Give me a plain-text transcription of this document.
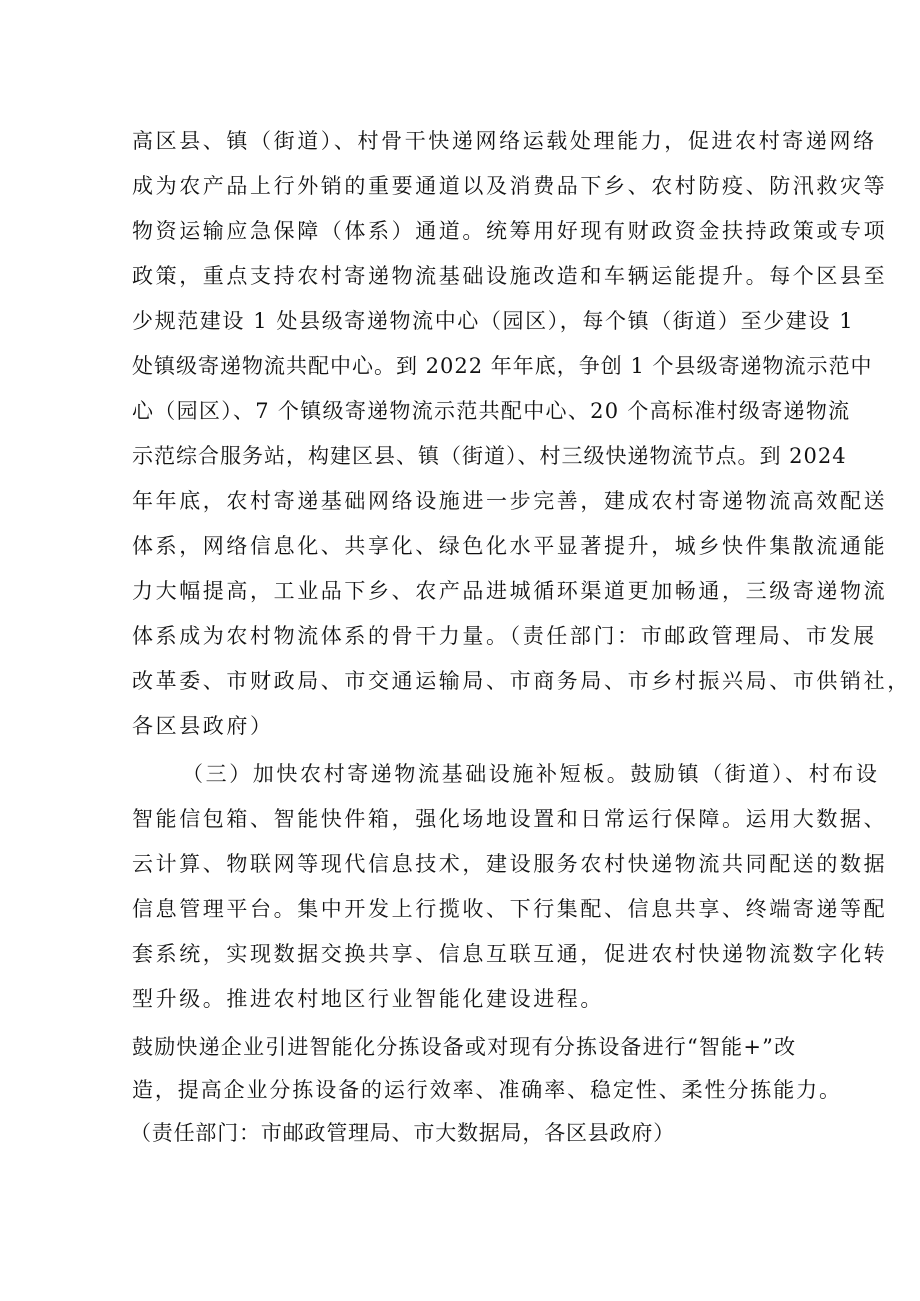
高区县、镇（街道）、村骨干快递网络运载处理能力，促进农村寄递网络

成为农产品上行外销的重要通道以及消费品下乡、农村防疫、防汛救灾等

物资运输应急保障（体系）通道。统筹用好现有财政资金扶持政策或专项

政策，重点支持农村寄递物流基础设施改造和车辆运能提升。每个区县至

少规范建设 1 处县级寄递物流中心（园区），每个镇（街道）至少建设 1

处镇级寄递物流共配中心。到 2022 年年底，争创 1 个县级寄递物流示范中

心（园区）、7 个镇级寄递物流示范共配中心、20 个高标准村级寄递物流

示范综合服务站，构建区县、镇（街道）、村三级快递物流节点。到 2024

年年底，农村寄递基础网络设施进一步完善，建成农村寄递物流高效配送

体系，网络信息化、共享化、绿色化水平显著提升，城乡快件集散流通能

力大幅提高，工业品下乡、农产品进城循环渠道更加畅通，三级寄递物流

体系成为农村物流体系的骨干力量。（责任部门：市邮政管理局、市发展

改革委、市财政局、市交通运输局、市商务局、市乡村振兴局、市供销社，

各区县政府）

（三）加快农村寄递物流基础设施补短板。鼓励镇（街道）、村布设

智能信包箱、智能快件箱，强化场地设置和日常运行保障。运用大数据、

云计算、物联网等现代信息技术，建设服务农村快递物流共同配送的数据

信息管理平台。集中开发上行揽收、下行集配、信息共享、终端寄递等配

套系统，实现数据交换共享、信息互联互通，促进农村快递物流数字化转

型升级。推进农村地区行业智能化建设进程。

鼓励快递企业引进智能化分拣设备或对现有分拣设备进行“智能+”改

造，提高企业分拣设备的运行效率、准确率、稳定性、柔性分拣能力。

（责任部门：市邮政管理局、市大数据局，各区县政府）
